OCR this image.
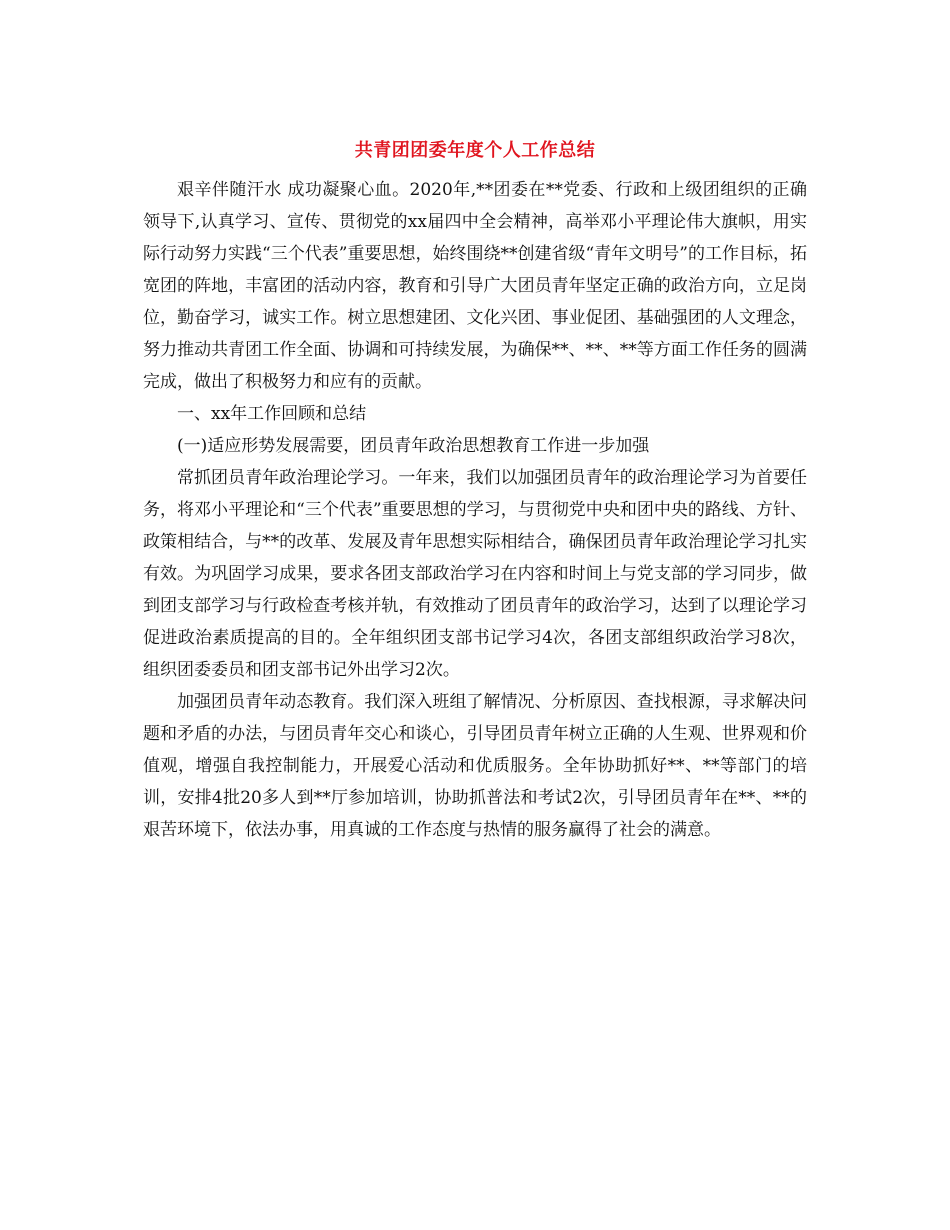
共青团团委年度个人工作总结

艰辛伴随汗水 成功凝聚心血。2020年,**团委在**党委、行政和上级团组织的正确领导下,认真学习、宣传、贯彻党的xx届四中全会精神，高举邓小平理论伟大旗帜，用实际行动努力实践“三个代表”重要思想，始终围绕**创建省级“青年文明号”的工作目标，拓宽团的阵地，丰富团的活动内容，教育和引导广大团员青年坚定正确的政治方向，立足岗位，勤奋学习，诚实工作。树立思想建团、文化兴团、事业促团、基础强团的人文理念，努力推动共青团工作全面、协调和可持续发展，为确保**、**、**等方面工作任务的圆满完成，做出了积极努力和应有的贡献。

一、xx年工作回顾和总结

(一)适应形势发展需要，团员青年政治思想教育工作进一步加强

常抓团员青年政治理论学习。一年来，我们以加强团员青年的政治理论学习为首要任务，将邓小平理论和“三个代表”重要思想的学习，与贯彻党中央和团中央的路线、方针、政策相结合，与**的改革、发展及青年思想实际相结合，确保团员青年政治理论学习扎实有效。为巩固学习成果，要求各团支部政治学习在内容和时间上与党支部的学习同步，做到团支部学习与行政检查考核并轨，有效推动了团员青年的政治学习，达到了以理论学习促进政治素质提高的目的。全年组织团支部书记学习4次，各团支部组织政治学习8次，组织团委委员和团支部书记外出学习2次。

加强团员青年动态教育。我们深入班组了解情况、分析原因、查找根源，寻求解决问题和矛盾的办法，与团员青年交心和谈心，引导团员青年树立正确的人生观、世界观和价值观，增强自我控制能力，开展爱心活动和优质服务。全年协助抓好**、**等部门的培训，安排4批20多人到**厅参加培训，协助抓普法和考试2次，引导团员青年在**、**的艰苦环境下，依法办事，用真诚的工作态度与热情的服务赢得了社会的满意。
